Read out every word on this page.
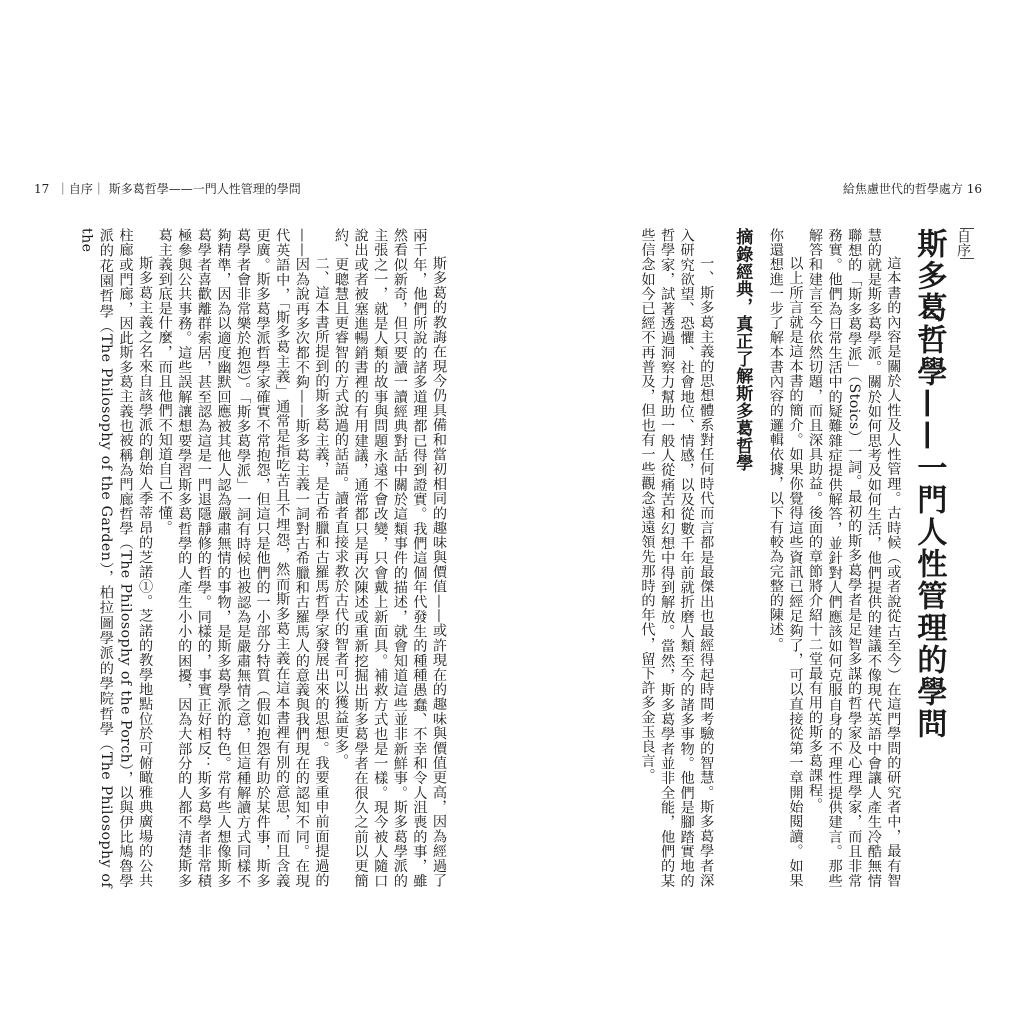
17 ｜自序｜ 斯多葛哲學——一門人性管理的學問

斯多葛的教誨在現今仍具備和當初相同的趣味與價值——或許現在的趣味與價值更高，因為經過了兩千年，他們所說的諸多道理都已得到證實。我們這個年代發生的種種愚蠢、不幸和令人沮喪的事，雖然看似新奇，但只要讀一讀經典對話中關於這類事件的描述，就會知道這些並非新鮮事。斯多葛學派的主張之一，就是人類的故事與問題永遠不會改變，只會戴上新面具。補救方式也是一樣。現今被人隨口說出或者被塞進暢銷書裡的有用建議，通常都只是再次陳述或重新挖掘出斯多葛學者在很久之前以更簡約、更聰慧且更睿智的方式說過的話語。讀者直接求教於古代的智者可以獲益更多。

二、這本書所提到的斯多葛主義，是古希臘和古羅馬哲學家發展出來的思想。我要重申前面提過的——因為說再多次都不夠——斯多葛主義一詞對古希臘和古羅馬人的意義與我們現在的認知不同。在現代英語中，「斯多葛主義」通常是指吃苦且不埋怨，然而斯多葛主義在這本書裡有別的意思，而且含義更廣。斯多葛學派哲學家確實不常抱怨，但這只是他們的一小部分特質（假如抱怨有助於某件事，斯多葛學者會非常樂於抱怨）。「斯多葛學派」一詞有時候也被認為是嚴肅無情之意，但這種解讀方式同樣不夠精準，因為以適度幽默回應被其他人認為嚴肅無情的事物，是斯多葛學派的特色。常有些人想像斯多葛學者喜歡離群索居，甚至認為這是一門退隱靜修的哲學。同樣的，事實正好相反：斯多葛學者非常積極參與公共事務。這些誤解讓想要學習斯多葛哲學的人產生小小的困擾，因為大部分的人都不清楚斯多葛主義到底是什麼，而且他們不知道自己不懂。

斯多葛主義之名來自該學派的創始人季蒂昂的芝諾①。芝諾的教學地點位於可俯瞰雅典廣場的公共柱廊或門廊，因此斯多葛主義也被稱為門廊哲學（The Philosophy of the Porch），以與伊比鳩魯學派的花園哲學（The Philosophy of the Garden），柏拉圖學派的學院哲學（The Philosophy of the

給焦慮世代的哲學處方 16
自序
斯多葛哲學——一門人性管理的學問

這本書的內容是關於人性及人性管理。古時候（或者說從古至今）在這門學問的研究者中，最有智慧的就是斯多葛學派。關於如何思考及如何生活，他們提供的建議不像現代英語中會讓人產生冷酷無情聯想的「斯多葛學派」（Stoics）一詞。最初的斯多葛學者是足智多謀的哲學家及心理學家，而且非常務實。他們為日常生活中的疑難雜症提供解答，並針對人們應該如何克服自身的不理性提供建言。那些解答和建言至今依然切題，而且深具助益。後面的章節將介紹十二堂最有用的斯多葛課程。

以上所言就是這本書的簡介。如果你覺得這些資訊已經足夠了，可以直接從第一章開始閱讀。如果你還想進一步了解本書內容的邏輯依據，以下有較為完整的陳述。

摘錄經典，真正了解斯多葛哲學

一、斯多葛主義的思想體系對任何時代而言都是最傑出也最經得起時間考驗的智慧。斯多葛學者深入研究欲望、恐懼、社會地位、情感，以及從數千年前就折磨人類至今的諸多事物。他們是腳踏實地的哲學家，試著透過洞察力幫助一般人從痛苦和幻想中得到解放。當然，斯多葛學者並非全能，他們的某些信念如今已經不再普及，但也有一些觀念遠遠領先那時的年代，留下許多金玉良言。
